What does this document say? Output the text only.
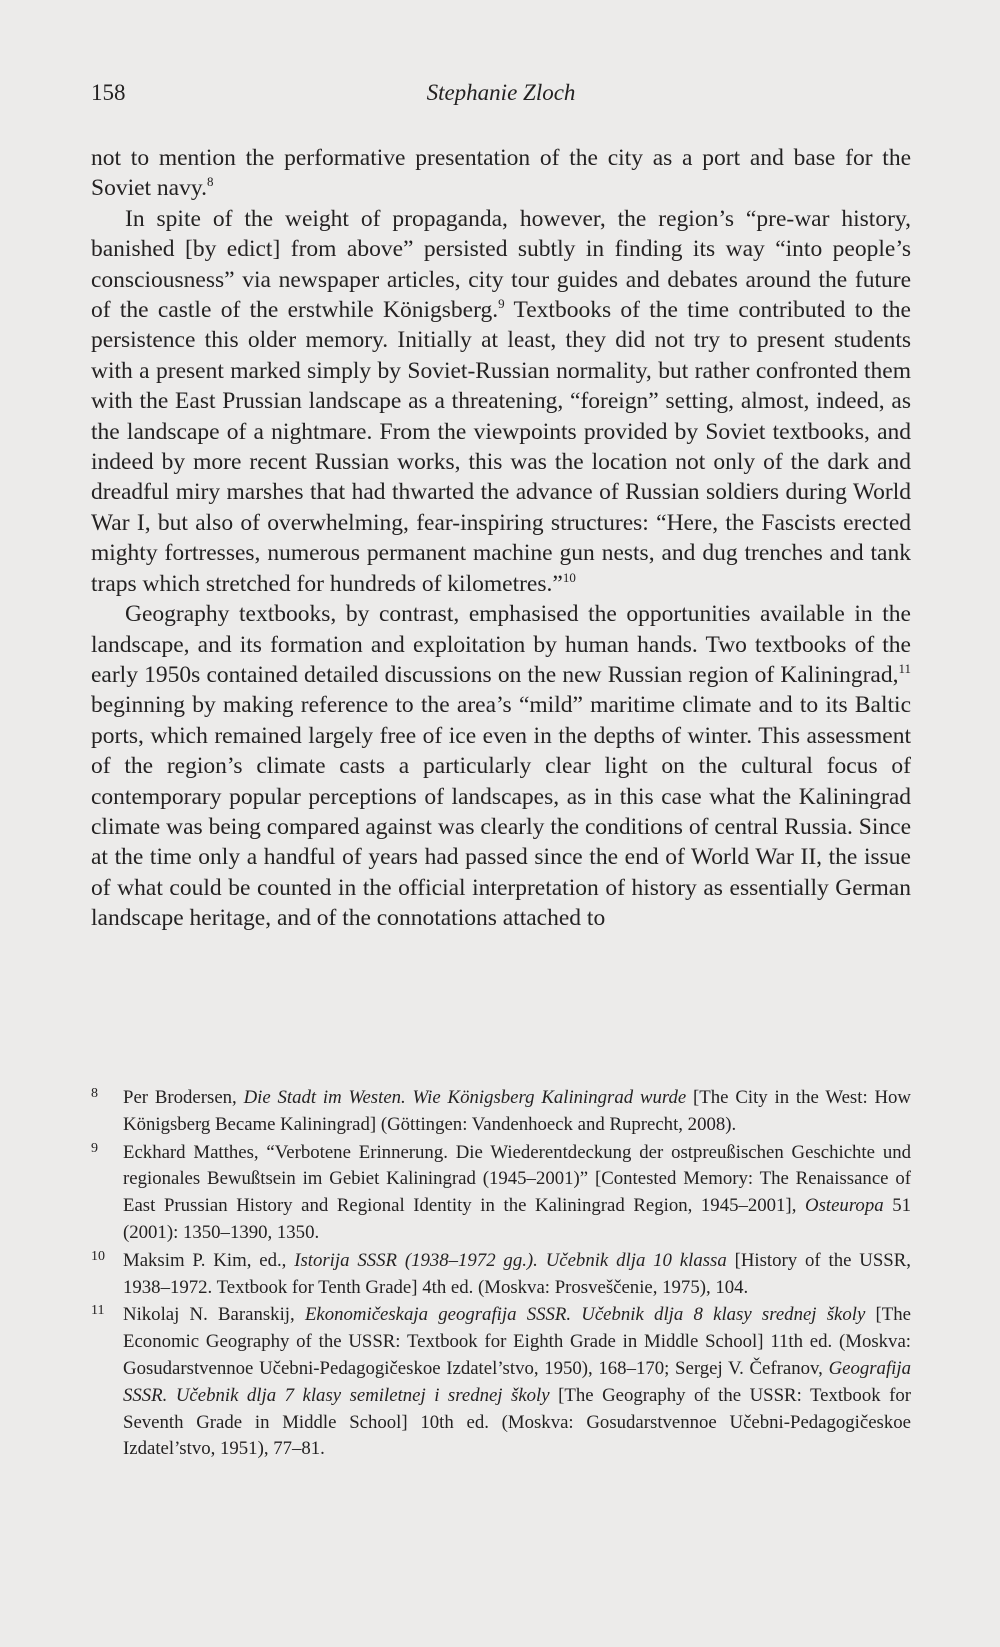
158	Stephanie Zloch

not to mention the performative presentation of the city as a port and base for the Soviet navy.$^8$

In spite of the weight of propaganda, however, the region’s “pre-war history, banished [by edict] from above” persisted subtly in finding its way “into people’s consciousness” via newspaper articles, city tour guides and debates around the future of the castle of the erstwhile Königsberg.$^9$ Textbooks of the time contributed to the persistence this older memory. Initially at least, they did not try to present students with a present marked simply by Soviet-Russian normality, but rather confronted them with the East Prussian landscape as a threatening, “foreign” setting, almost, indeed, as the landscape of a nightmare. From the viewpoints provided by Soviet textbooks, and indeed by more recent Russian works, this was the location not only of the dark and dreadful miry marshes that had thwarted the advance of Russian soldiers during World War I, but also of overwhelming, fear-inspiring structures: “Here, the Fascists erected mighty fortresses, numerous permanent machine gun nests, and dug trenches and tank traps which stretched for hundreds of kilometres.”$^{10}$

Geography textbooks, by contrast, emphasised the opportunities available in the landscape, and its formation and exploitation by human hands. Two textbooks of the early 1950s contained detailed discussions on the new Russian region of Kaliningrad,$^{11}$ beginning by making reference to the area’s “mild” maritime climate and to its Baltic ports, which remained largely free of ice even in the depths of winter. This assessment of the region’s climate casts a particularly clear light on the cultural focus of contemporary popular perceptions of landscapes, as in this case what the Kaliningrad climate was being compared against was clearly the conditions of central Russia. Since at the time only a handful of years had passed since the end of World War II, the issue of what could be counted in the official interpretation of history as essentially German landscape heritage, and of the connotations attached to

8 Per Brodersen, Die Stadt im Westen. Wie Königsberg Kaliningrad wurde [The City in the West: How Königsberg Became Kaliningrad] (Göttingen: Vandenhoeck and Ruprecht, 2008).

9 Eckhard Matthes, “Verbotene Erinnerung. Die Wiederentdeckung der ostpreußischen Geschichte und regionales Bewußtsein im Gebiet Kaliningrad (1945–2001)” [Contested Memory: The Renaissance of East Prussian History and Regional Identity in the Kaliningrad Region, 1945–2001], Osteuropa 51 (2001): 1350–1390, 1350.

10 Maksim P. Kim, ed., Istorija SSSR (1938–1972 gg.). Učebnik dlja 10 klassa [History of the USSR, 1938–1972. Textbook for Tenth Grade] 4th ed. (Moskva: Prosveščenie, 1975), 104.

11 Nikolaj N. Baranskij, Ekonomičeskaja geografija SSSR. Učebnik dlja 8 klasy srednej školy [The Economic Geography of the USSR: Textbook for Eighth Grade in Middle School] 11th ed. (Moskva: Gosudarstvennoe Učebni-Pedagogičeskoe Izdatel’stvo, 1950), 168–170; Sergej V. Čefranov, Geografija SSSR. Učebnik dlja 7 klasy semiletnej i srednej školy [The Geography of the USSR: Textbook for Seventh Grade in Middle School] 10th ed. (Moskva: Gosudarstvennoe Učebni-Pedagogičeskoe Izdatel’stvo, 1951), 77–81.
